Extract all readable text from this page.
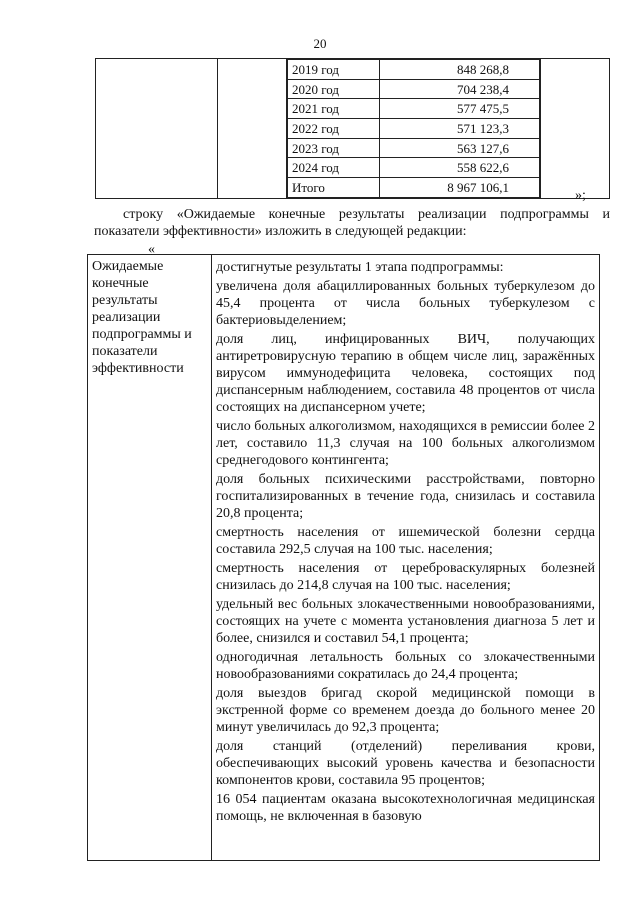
20

2019 год	848 268,8
2020 год	704 238,4
2021 год	577 475,5
2022 год	571 123,3
2023 год	563 127,6
2024 год	558 622,6
Итого	8 967 106,1

»;
строку «Ожидаемые конечные результаты реализации подпрограммы и показатели эффективности» изложить в следующей редакции:
«
Ожидаемые конечные результаты реализации подпрограммы и показатели эффективности	

достигнутые результаты 1 этапа подпрограммы:

увеличена доля абациллированных больных туберкулезом до 45,4 процента от числа больных туберкулезом с бактериовыделением;

доля лиц, инфицированных ВИЧ, получающих антиретровирусную терапию в общем числе лиц, заражённых вирусом иммунодефицита человека, состоящих под диспансерным наблюдением, составила 48 процентов от числа состоящих на диспансерном учете;

число больных алкоголизмом, находящихся в ремиссии более 2 лет, составило 11,3 случая на 100 больных алкоголизмом среднегодового контингента;

доля больных психическими расстройствами, повторно госпитализированных в течение года, снизилась и составила 20,8 процента;

смертность населения от ишемической болезни сердца составила 292,5 случая на 100 тыс. населения;

смертность населения от цереброваскулярных болезней снизилась до 214,8 случая на 100 тыс. населения;

удельный вес больных злокачественными новообразованиями, состоящих на учете с момента установления диагноза 5 лет и более, снизился и составил 54,1 процента;

одногодичная летальность больных со злокачественными новообразованиями сократилась до 24,4 процента;

доля выездов бригад скорой медицинской помощи в экстренной форме со временем доезда до больного менее 20 минут увеличилась до 92,3 процента;

доля станций (отделений) переливания крови, обеспечивающих высокий уровень качества и безопасности компонентов крови, составила 95 процентов;

16 054 пациентам оказана высокотехнологичная медицинская помощь, не включенная в базовую
